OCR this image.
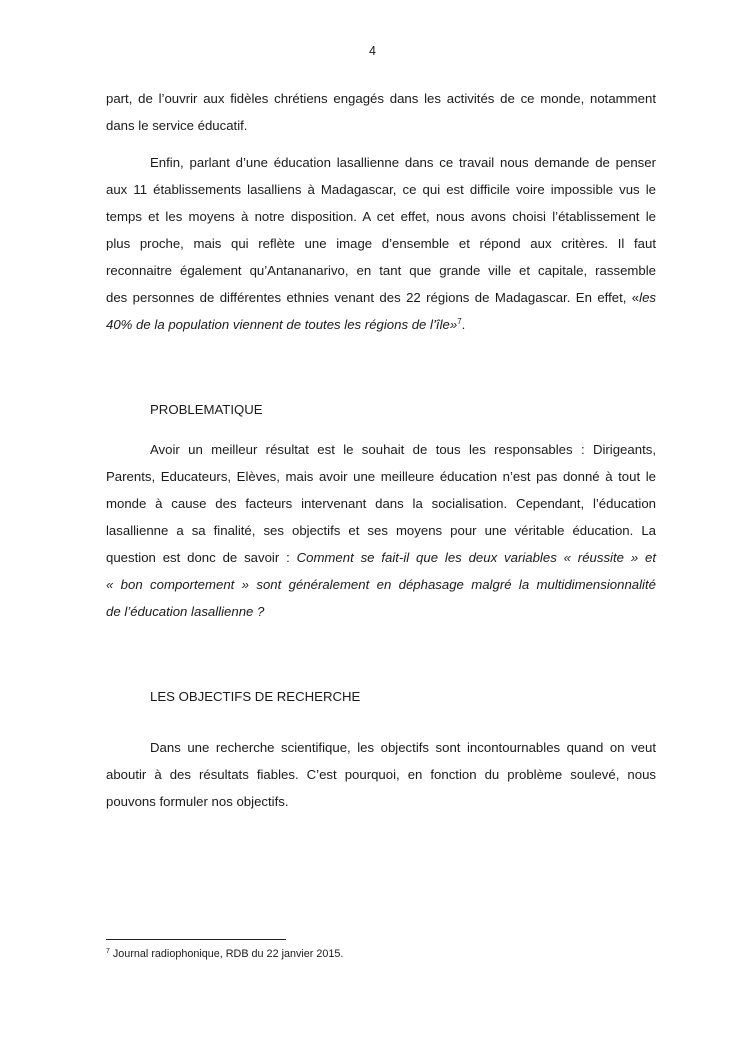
4
part, de l’ouvrir aux fidèles chrétiens engagés dans les activités de ce monde, notamment
dans le service éducatif.
Enfin, parlant d’une éducation lasallienne dans ce travail nous demande de penser
aux 11 établissements lasalliens à Madagascar, ce qui est difficile voire impossible vus le
temps et les moyens à notre disposition. A cet effet, nous avons choisi l’établissement le
plus proche, mais qui reflète une image d’ensemble et répond aux critères. Il faut
reconnaitre également qu’Antananarivo, en tant que grande ville et capitale, rassemble
des personnes de différentes ethnies venant des 22 régions de Madagascar. En effet, «les
40% de la population viennent de toutes les régions de l’île»$^7$.
PROBLEMATIQUE
Avoir un meilleur résultat est le souhait de tous les responsables : Dirigeants,
Parents, Educateurs, Elèves, mais avoir une meilleure éducation n’est pas donné à tout le
monde à cause des facteurs intervenant dans la socialisation. Cependant, l’éducation
lasallienne a sa finalité, ses objectifs et ses moyens pour une véritable éducation. La
question est donc de savoir : Comment se fait-il que les deux variables « réussite » et
« bon comportement » sont généralement en déphasage malgré la multidimensionnalité
de l’éducation lasallienne ?
LES OBJECTIFS DE RECHERCHE
Dans une recherche scientifique, les objectifs sont incontournables quand on veut
aboutir à des résultats fiables. C’est pourquoi, en fonction du problème soulevé, nous
pouvons formuler nos objectifs.
$^7$ Journal radiophonique, RDB du 22 janvier 2015.
